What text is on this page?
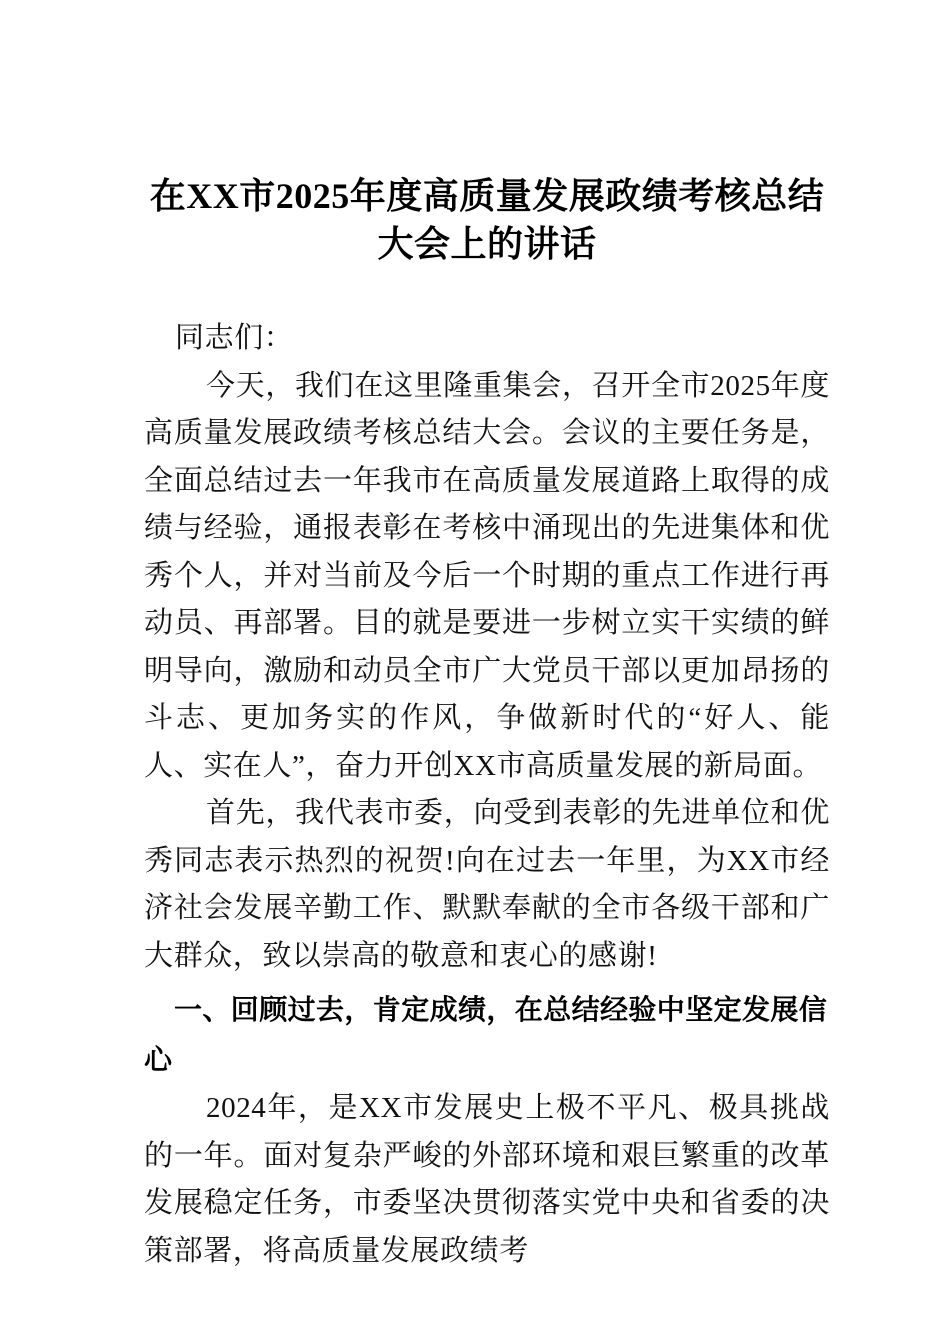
在XX市2025年度高质量发展政绩考核总结大会上的讲话

同志们：

今天，我们在这里隆重集会，召开全市2025年度高质量发展政绩考核总结大会。会议的主要任务是，全面总结过去一年我市在高质量发展道路上取得的成绩与经验，通报表彰在考核中涌现出的先进集体和优秀个人，并对当前及今后一个时期的重点工作进行再动员、再部署。目的就是要进一步树立实干实绩的鲜明导向，激励和动员全市广大党员干部以更加昂扬的斗志、更加务实的作风，争做新时代的“好人、能人、实在人”，奋力开创XX市高质量发展的新局面。

首先，我代表市委，向受到表彰的先进单位和优秀同志表示热烈的祝贺!向在过去一年里，为XX市经济社会发展辛勤工作、默默奉献的全市各级干部和广大群众，致以崇高的敬意和衷心的感谢!

一、回顾过去，肯定成绩，在总结经验中坚定发展信心

2024年，是XX市发展史上极不平凡、极具挑战的一年。面对复杂严峻的外部环境和艰巨繁重的改革发展稳定任务，市委坚决贯彻落实党中央和省委的决策部署，将高质量发展政绩考
